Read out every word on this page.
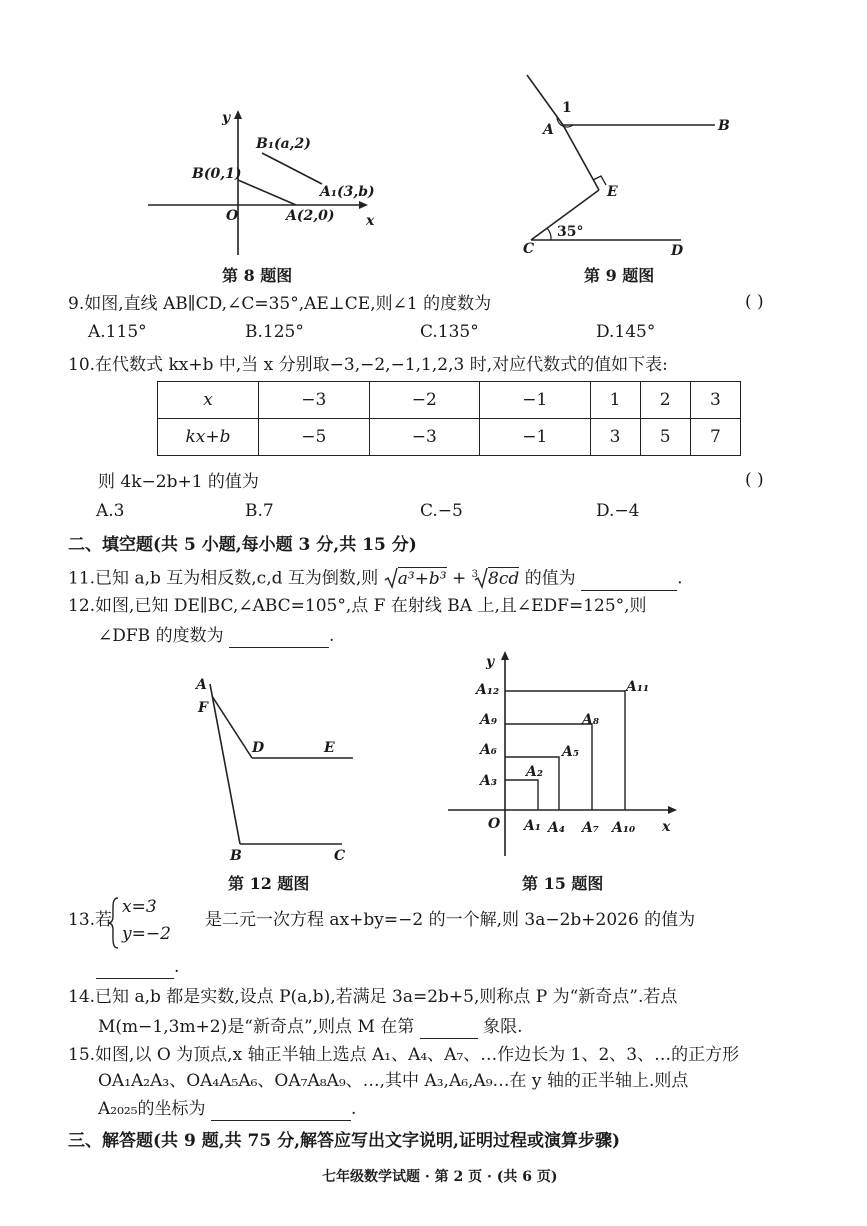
y
x
O
B(0,1)
A(2,0)
B₁(a,2)
A₁(3,b)
第 8 题图
1
A	B
E
C	D
35°
第 9 题图
9.如图,直线 AB∥CD,∠C=35°,AE⊥CE,则∠1 的度数为	( )
A.115°	B.125°	C.135°	D.145°
10.在代数式 kx+b 中,当 x 分别取−3,−2,−1,1,2,3 时,对应代数式的值如下表:
x	−3	−2	−1	1	2	3
kx+b	−5	−3	−1	3	5	7
则 4k−2b+1 的值为	( )
A.3	B.7	C.−5	D.−4
二、填空题(共 5 小题,每小题 3 分,共 15 分)
11.已知 a,b 互为相反数,c,d 互为倒数,则 a³+b³ + $^3$ 8cd 的值为	.
12.如图,已知 DE∥BC,∠ABC=105°,点 F 在射线 BA 上,且∠EDF=125°,则
∠DFB 的度数为	.
A
F
D	E
B	C
第 12 题图
y
x
O A₁ A₄ A₇ A₁₀
A₃
A₆
A₉
A₁₂
A₂
A₅
A₈
A₁₁
第 15 题图
13.若
x=3
y=−2
是二元一次方程 ax+by=−2 的一个解,则 3a−2b+2026 的值为
.
14.已知 a,b 都是实数,设点 P(a,b),若满足 3a=2b+5,则称点 P 为“新奇点”.若点
M(m−1,3m+2)是“新奇点”,则点 M 在第	象限.
15.如图,以 O 为顶点,x 轴正半轴上选点 A₁、A₄、A₇、…作边长为 1、2、3、…的正方形
OA₁A₂A₃、OA₄A₅A₆、OA₇A₈A₉、…,其中 A₃,A₆,A₉…在 y 轴的正半轴上.则点
A₂₀₂₅的坐标为	.
三、解答题(共 9 题,共 75 分,解答应写出文字说明,证明过程或演算步骤)
七年级数学试题 · 第 2 页 · (共 6 页)
